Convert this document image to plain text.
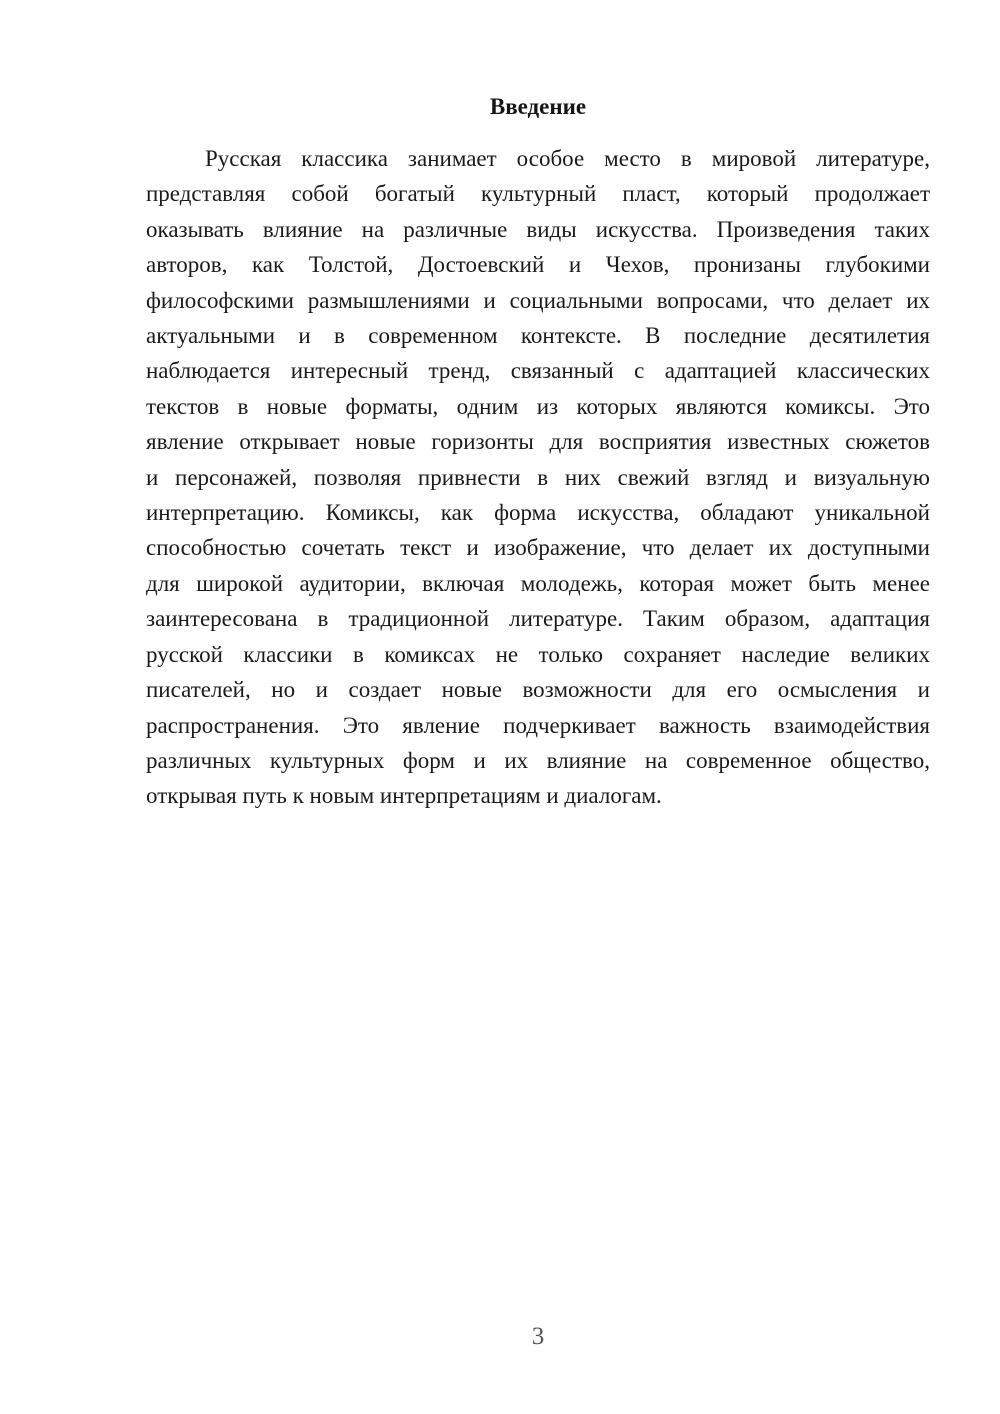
Введение
Русская классика занимает особое место в мировой литературе,
представляя собой богатый культурный пласт, который продолжает
оказывать влияние на различные виды искусства. Произведения таких
авторов, как Толстой, Достоевский и Чехов, пронизаны глубокими
философскими размышлениями и социальными вопросами, что делает их
актуальными и в современном контексте. В последние десятилетия
наблюдается интересный тренд, связанный с адаптацией классических
текстов в новые форматы, одним из которых являются комиксы. Это
явление открывает новые горизонты для восприятия известных сюжетов
и персонажей, позволяя привнести в них свежий взгляд и визуальную
интерпретацию. Комиксы, как форма искусства, обладают уникальной
способностью сочетать текст и изображение, что делает их доступными
для широкой аудитории, включая молодежь, которая может быть менее
заинтересована в традиционной литературе. Таким образом, адаптация
русской классики в комиксах не только сохраняет наследие великих
писателей, но и создает новые возможности для его осмысления и
распространения. Это явление подчеркивает важность взаимодействия
различных культурных форм и их влияние на современное общество,
открывая путь к новым интерпретациям и диалогам.
3
